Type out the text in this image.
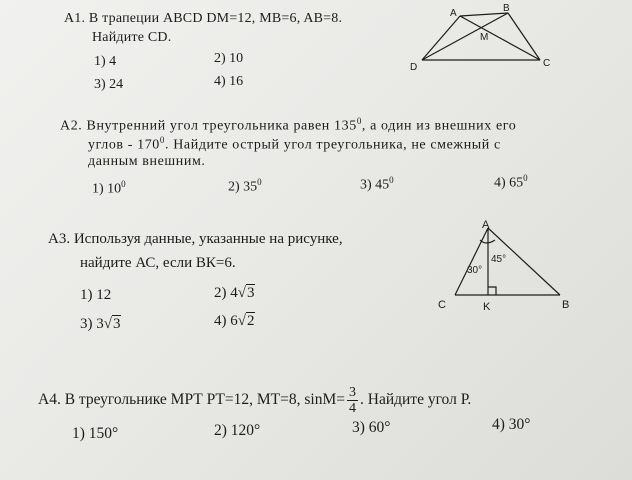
A1. В трапеции ABCD DM=12, MB=6, AB=8.
Найдите CD.
1) 4	2) 10
3) 24	4) 16
A	B
C
D
M
A2. Внутренний угол треугольника равен $135^0$, а один из внешних его
углов - $170^0$. Найдите острый угол треугольника, не смежный с
данным внешним.
1) $10^0$	2) $35^0$	3) $45^0$	4) $65^0$
A3. Используя данные, указанные на рисунке,
найдите АС, если ВК=6.
1) 12	2) 4√3
3) 3√3	4) 6√2
A
B
C	K
30°
45°
A4. В треугольнике МРТ РТ=12, МТ=8, $\sin M= \frac{3}{4}$ . Найдите угол Р.
1) 150°	2) 120°	3) 60°	4) 30°
